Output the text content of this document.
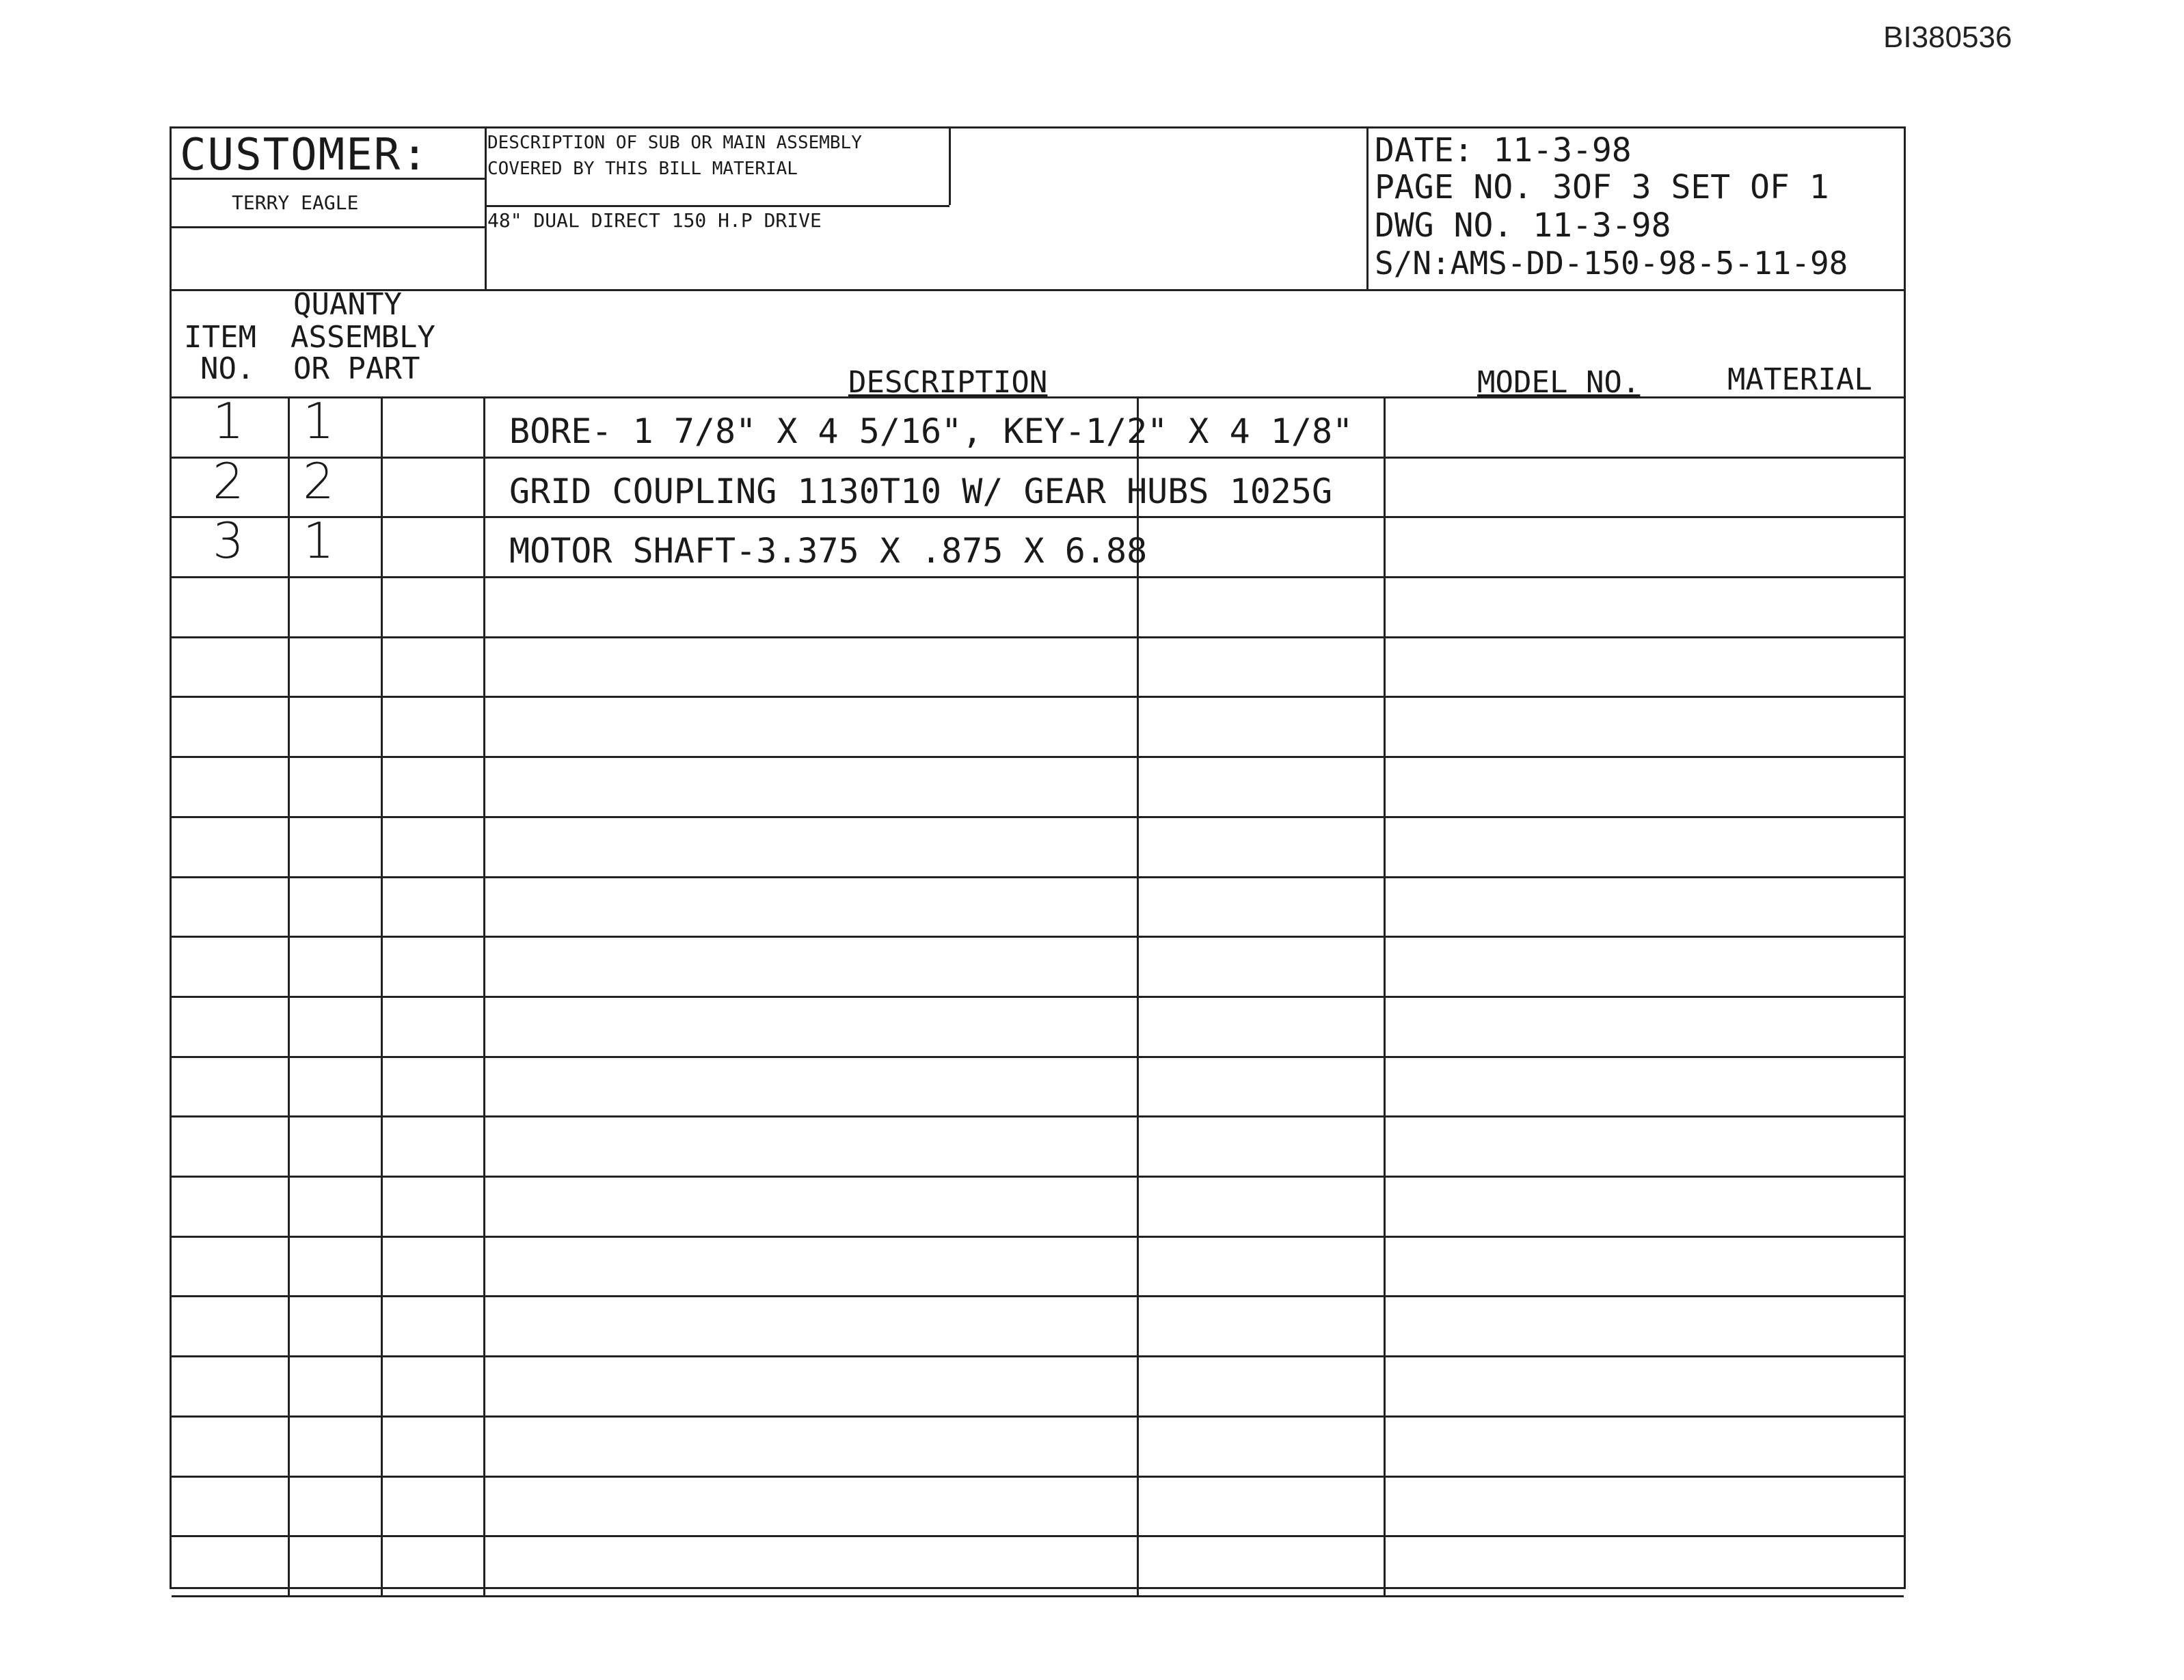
BI380536
CUSTOMER:
TERRY EAGLE
DESCRIPTION OF SUB OR MAIN ASSEMBLY
COVERED BY THIS BILL MATERIAL
48" DUAL DIRECT 150 H.P DRIVE
DATE: 11-3-98
PAGE NO. 3OF 3 SET OF 1
DWG NO. 11-3-98
S/N:AMS-DD-150-98-5-11-98
QUANTY
ITEM ASSEMBLY
NO. OR PART	DESCRIPTION	MODEL NO.	MATERIAL
1 1	BORE- 1 7/8" X 4 5/16", KEY-1/2" X 4 1/8"
2 2	GRID COUPLING 1130T10 W/ GEAR HUBS 1025G
3 1	MOTOR SHAFT-3.375 X .875 X 6.88
